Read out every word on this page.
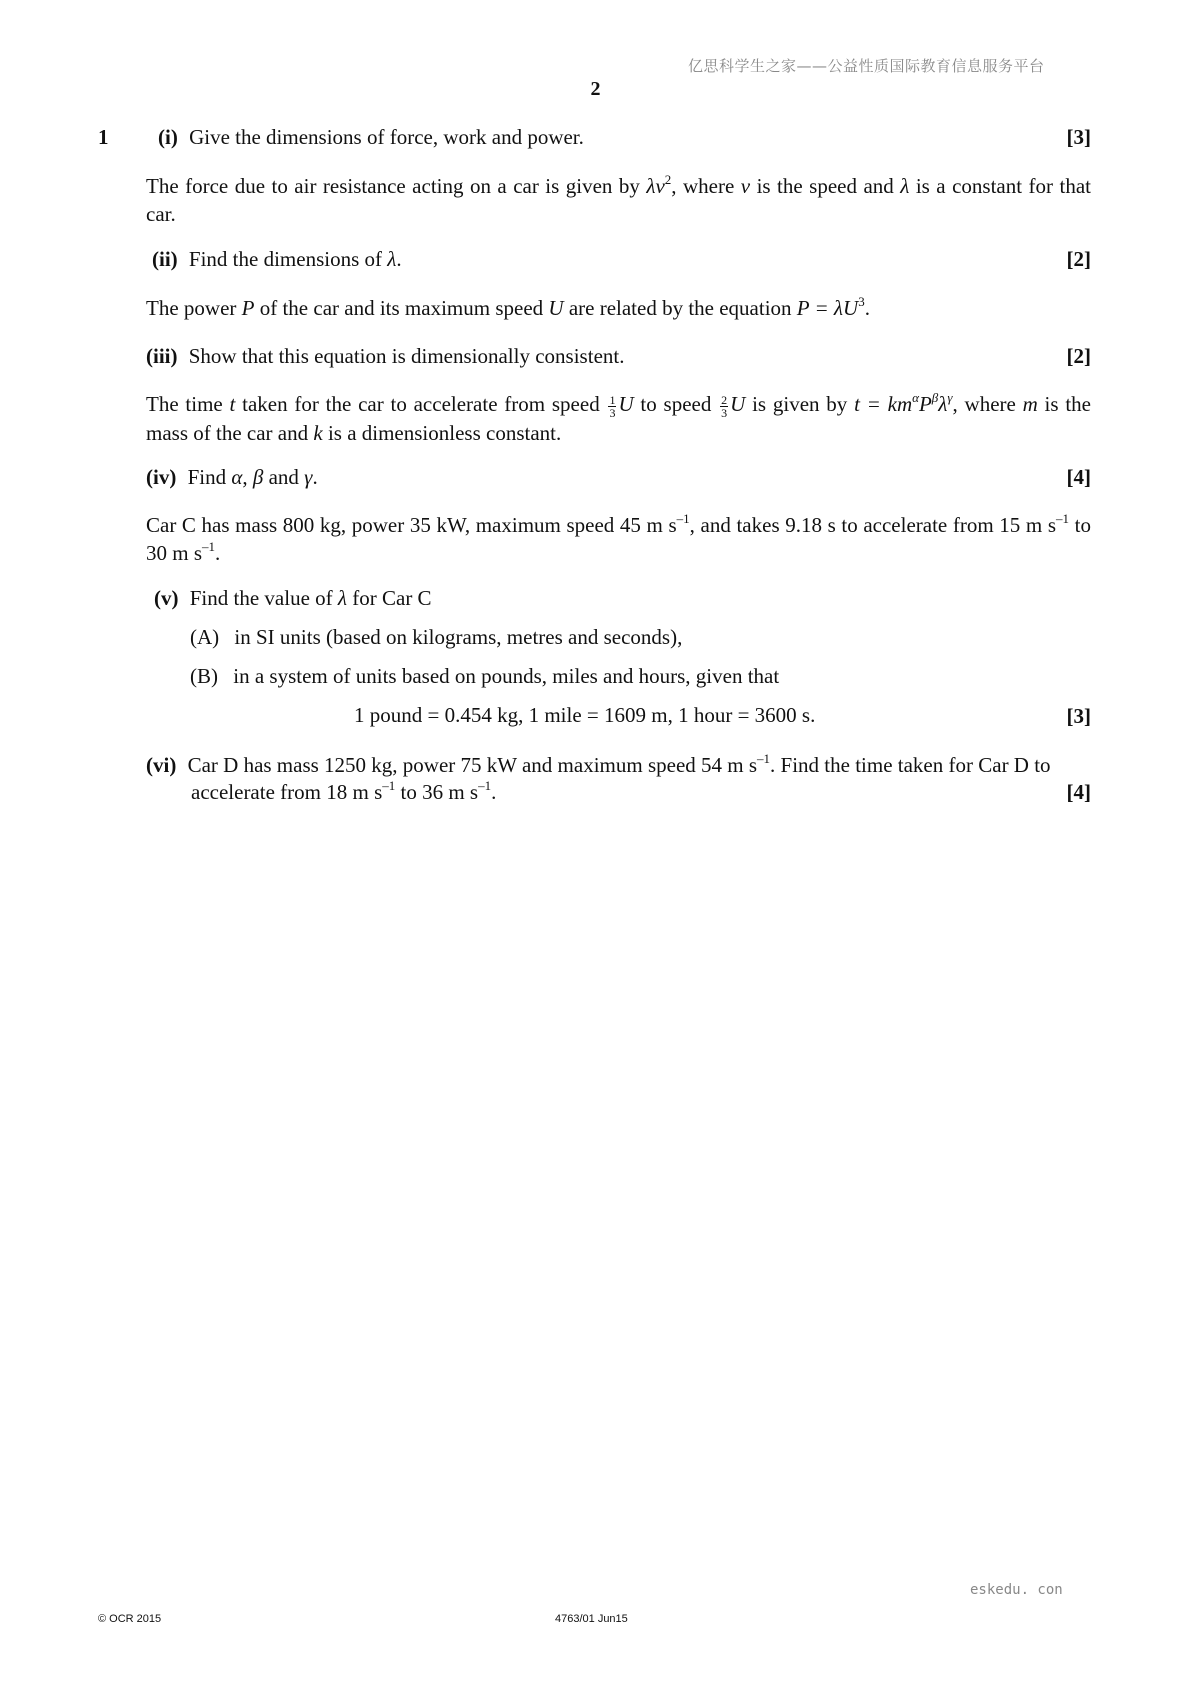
亿思科学生之家——公益性质国际教育信息服务平台
2
1 (i) Give the dimensions of force, work and power.	[3]
The force due to air resistance acting on a car is given by $\lambda v^2$, where v is the speed and λ is a constant for that car.
(ii) Find the dimensions of λ.	[2]
The power P of the car and its maximum speed U are related by the equation $P = \lambda U^3$.
(iii) Show that this equation is dimensionally consistent.	[2]
The time t taken for the car to accelerate from speed $\frac{1}{3}$ U to speed $\frac{2}{3}$ U is given by $t = km^\alpha P^\beta\lambda^\gamma$, where m is the mass of the car and k is a dimensionless constant.
(iv) Find α, β and γ.	[4]
Car C has mass 800 kg, power 35 kW, maximum speed 45 m $s^{-1}$, and takes 9.18 s to accelerate from 15 m $s^{-1}$ to 30 m $s^{-1}$.
(v) Find the value of λ for Car C
(A) in SI units (based on kilograms, metres and seconds),
(B) in a system of units based on pounds, miles and hours, given that
1 pound = 0.454 kg, 1 mile = 1609 m, 1 hour = 3600 s.	[3]
(vi) Car D has mass 1250 kg, power 75 kW and maximum speed 54 m $s^{-1}$. Find the time taken for Car D to
accelerate from 18 m $s^{-1}$ to 36 m $s^{-1}$.	[4]
eskedu. con
© OCR 2015	4763/01 Jun15
